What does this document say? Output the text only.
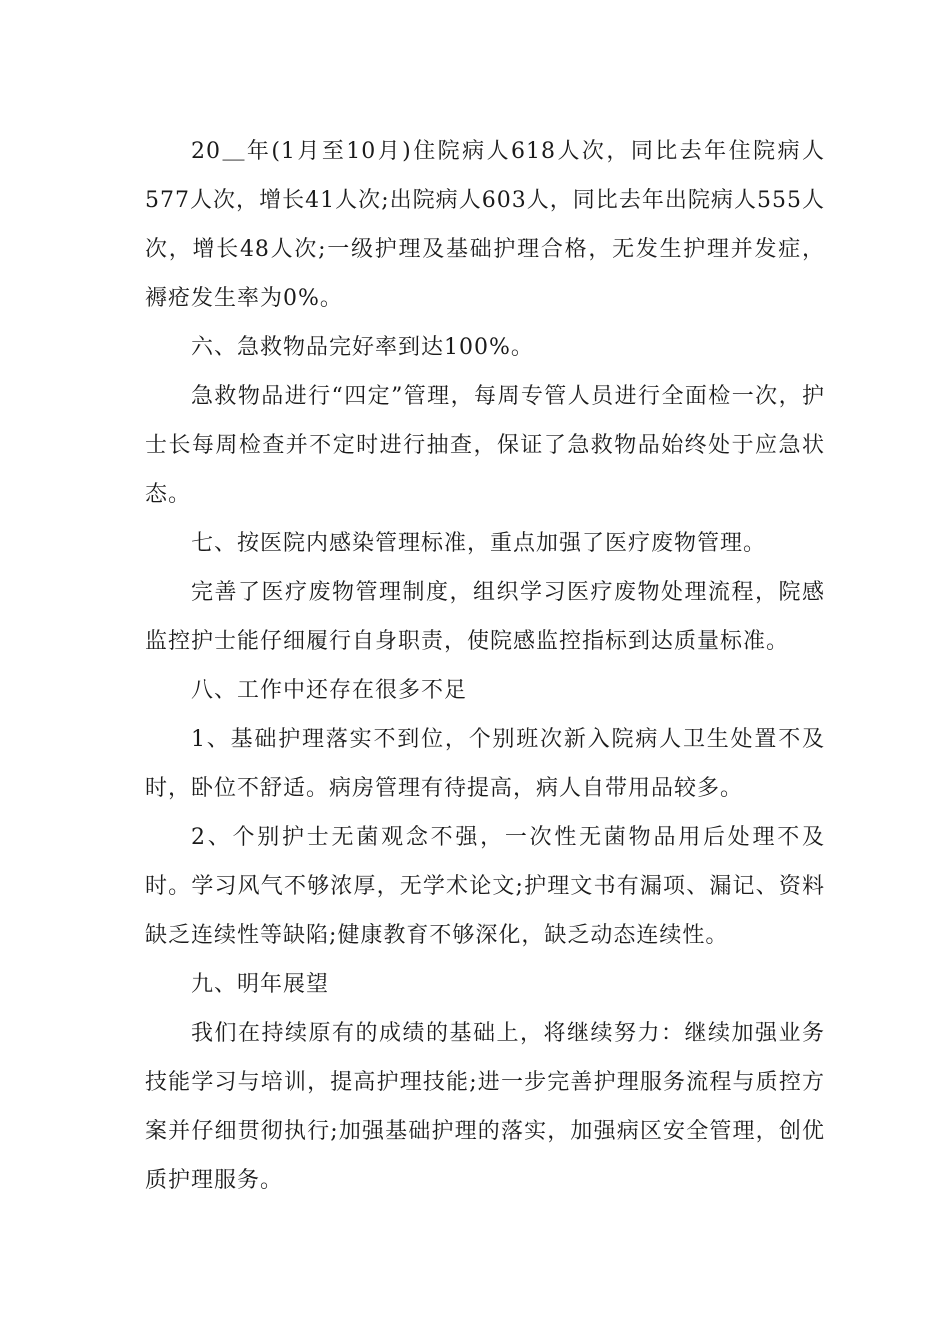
20＿年(1月至10月)住院病人618人次，同比去年住院病人577人次，增长41人次;出院病人603人，同比去年出院病人555人次，增长48人次;一级护理及基础护理合格，无发生护理并发症，褥疮发生率为0%。

六、急救物品完好率到达100%。

急救物品进行“四定”管理，每周专管人员进行全面检一次，护士长每周检查并不定时进行抽查，保证了急救物品始终处于应急状态。

七、按医院内感染管理标准，重点加强了医疗废物管理。

完善了医疗废物管理制度，组织学习医疗废物处理流程，院感监控护士能仔细履行自身职责，使院感监控指标到达质量标准。

八、工作中还存在很多不足

1、基础护理落实不到位，个别班次新入院病人卫生处置不及时，卧位不舒适。病房管理有待提高，病人自带用品较多。

2、个别护士无菌观念不强，一次性无菌物品用后处理不及时。学习风气不够浓厚，无学术论文;护理文书有漏项、漏记、资料缺乏连续性等缺陷;健康教育不够深化，缺乏动态连续性。

九、明年展望

我们在持续原有的成绩的基础上，将继续努力：继续加强业务技能学习与培训，提高护理技能;进一步完善护理服务流程与质控方案并仔细贯彻执行;加强基础护理的落实，加强病区安全管理，创优质护理服务。
